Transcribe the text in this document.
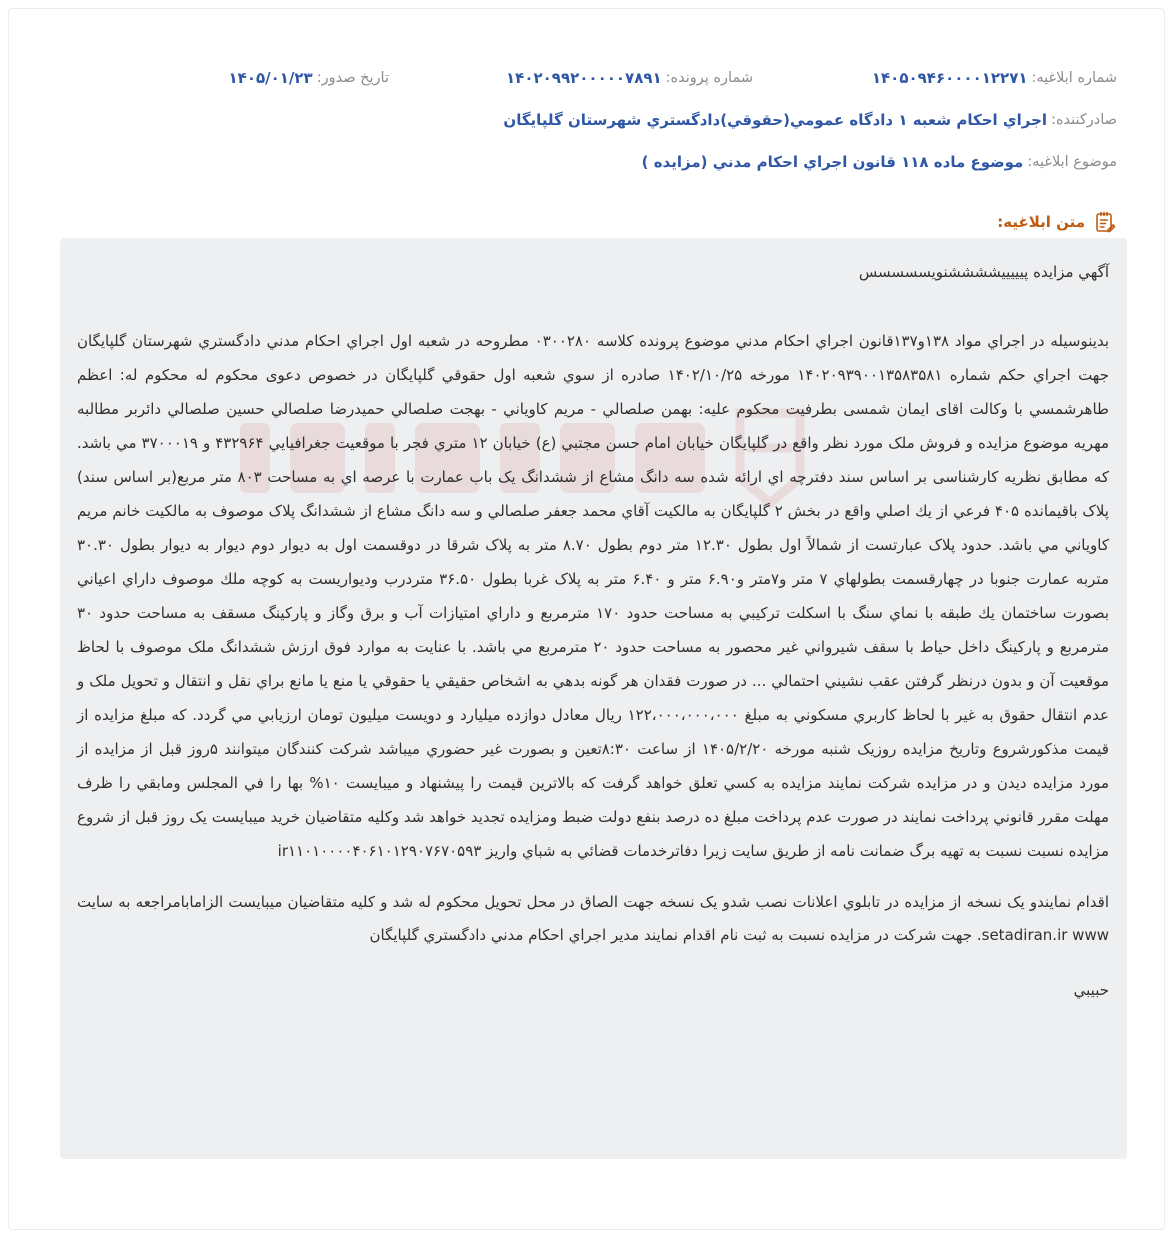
شماره ابلاغيه:
۱۴۰۵۰۹۴۶۰۰۰۰۱۲۲۷۱
شماره پرونده:
۱۴۰۲۰۹۹۲۰۰۰۰۰۷۸۹۱
تاريخ صدور:
۱۴۰۵/۰۱/۲۳
صادرکننده:
اجراي احکام شعبه ۱ دادگاه عمومي(حقوقي)دادگستري شهرستان گلپايگان
موضوع ابلاغيه:
موضوع ماده ۱۱۸ قانون اجراي احکام مدني (مزايده )
متن ابلاغيه:

آگهي مزايده پيييييششششنويسسسسس

بدينوسيله در اجراي مواد ۱۳۸و۱۳۷قانون اجراي احکام مدني موضوع پرونده کلاسه ۰۳۰۰۲۸۰ مطروحه در شعبه اول اجراي احکام مدني دادگستري شهرستان گلپايگان جهت اجراي حکم شماره ۱۴۰۲۰۹۳۹۰۰۱۳۵۸۳۵۸۱ مورخه ۱۴۰۲/۱۰/۲۵ صادره از سوي شعبه اول حقوقي گلپايگان در خصوص دعوی محکوم له محکوم له: اعظم طاهرشمسي با وکالت اقای ايمان شمسی بطرفيت محکوم عليه: بهمن صلصالي - مريم کاوياني - بهجت صلصالي حميدرضا صلصالي حسين صلصالي دائربر مطالبه مهريه موضوع مزايده و فروش ملک مورد نظر واقع در گلپايگان خيابان امام حسن مجتبي (ع) خيابان ۱۲ متري فجر با موقعيت جغرافيايي ۴۳۲۹۶۴ و ۳۷۰۰۰۱۹ مي باشد. که مطابق نظريه کارشناسی بر اساس سند دفترچه اي ارائه شده سه دانگ مشاع از ششدانگ يک باب عمارت با عرصه اي به مساحت ۸۰۳ متر مربع(بر اساس سند) پلاک باقيمانده ۴۰۵ فرعي از يك اصلي واقع در بخش ۲ گلپايگان به مالکيت آقاي محمد جعفر صلصالي و سه دانگ مشاع از ششدانگ پلاک موصوف به مالکيت خانم مريم کاوياني مي باشد. حدود پلاک عبارتست از شمالاً اول بطول ۱۲.۳۰ متر دوم بطول ۸.۷۰ متر به پلاک شرقا در دوقسمت اول به ديوار دوم ديوار به ديوار بطول ۳۰.۳۰ متربه عمارت جنوبا در چهارقسمت بطولهاي ۷ متر و۷متر و۶.۹۰ متر و ۶.۴۰ متر به پلاک غربا بطول ۳۶.۵۰ متردرب وديواريست به کوچه ملك موصوف داراي اعياني بصورت ساختمان يك طبقه با نماي سنگ با اسکلت ترکيبي به مساحت حدود ۱۷۰ مترمربع و داراي امتيازات آب و برق وگاز و پارکينگ مسقف به مساحت حدود ۳۰ مترمربع و پارکينگ داخل حياط با سقف شيرواني غير محصور به مساحت حدود ۲۰ مترمربع مي باشد. با عنايت به موارد فوق ارزش ششدانگ ملک موصوف با لحاظ موقعيت آن و بدون درنظر گرفتن عقب نشيني احتمالي ... در صورت فقدان هر گونه بدهي به اشخاص حقيقي يا حقوقي يا منع يا مانع براي نقل و انتقال و تحويل ملک و عدم انتقال حقوق به غير با لحاظ کاربري مسکوني به مبلغ ۱۲۲،۰۰۰،۰۰۰،۰۰۰ ريال معادل دوازده ميليارد و دويست ميليون تومان ارزيابي مي گردد. که مبلغ مزايده از قيمت مذکورشروع وتاريخ مزايده روزيک شنبه مورخه ۱۴۰۵/۲/۲۰ از ساعت ۸:۳۰تعين و بصورت غير حضوري ميباشد شرکت کنندگان ميتوانند ۵روز قبل از مزايده از مورد مزايده ديدن و در مزايده شرکت نمايند مزايده به کسي تعلق خواهد گرفت که بالاترين قيمت را پيشنهاد و ميبايست ۱۰% بها را في المجلس ومابقي را ظرف مهلت مقرر قانوني پرداخت نمايند در صورت عدم پرداخت مبلغ ده درصد بنفع دولت ضبط ومزايده تجديد خواهد شد وکليه متقاضيان خريد ميبايست يک روز قبل از شروع مزايده نسبت نسبت به تهيه برگ ضمانت نامه از طريق سايت زيرا دفاترخدمات قضائي به شباي واريز ir۱۱۰۱۰۰۰۰۴۰۶۱۰۱۲۹۰۷۶۷۰۵۹۳

اقدام نمايندو يک نسخه از مزايده در تابلوي اعلانات نصب شدو يک نسخه جهت الصاق در محل تحويل محکوم له شد و کليه متقاضيان ميبايست الزامابامراجعه به سايت setadiran.ir www. جهت شرکت در مزايده نسبت به ثبت نام اقدام نمايند مدير اجراي احکام مدني دادگستري گلپايگان

حبيبي
